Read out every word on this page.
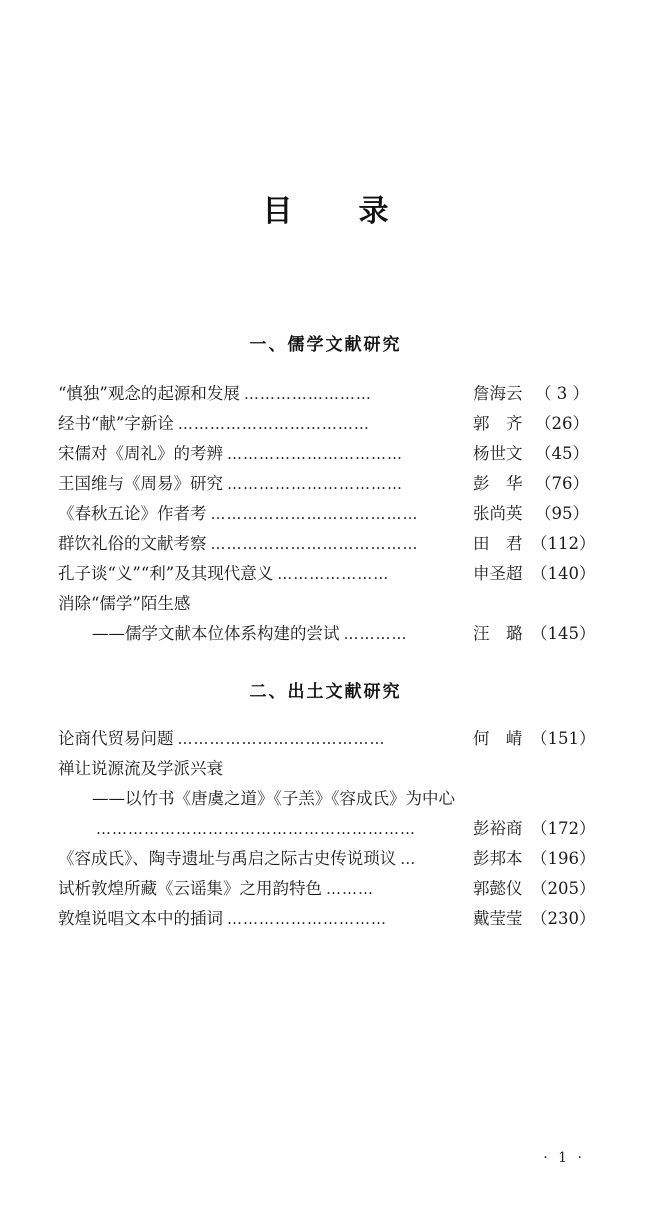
目　录
一、儒学文献研究
“慎独”观念的起源和发展 ……………………	詹海云 （ 3 ）
经书“献”字新诠 ………………………………	郭　齐 （26）
宋儒对《周礼》的考辨 ……………………………	杨世文 （45）
王国维与《周易》研究 ……………………………	彭　华 （76）
《春秋五论》作者考 …………………………………	张尚英 （95）
群饮礼俗的文献考察 …………………………………	田　君 （112）
孔子谈“义”“利”及其现代意义 …………………	申圣超 （140）
消除“儒学”陌生感
——儒学文献本位体系构建的尝试 …………	汪　璐 （145）
二、出土文献研究
论商代贸易问题 …………………………………	何　崝 （151）
禅让说源流及学派兴衰
——以竹书《唐虞之道》《子羔》《容成氏》为中心
……………………………………………………	彭裕商 （172）
《容成氏》、陶寺遗址与禹启之际古史传说琐议 …	彭邦本 （196）
试析敦煌所藏《云谣集》之用韵特色 ………	郭懿仪 （205）
敦煌说唱文本中的插词 …………………………	戴莹莹 （230）
· 1 ·
